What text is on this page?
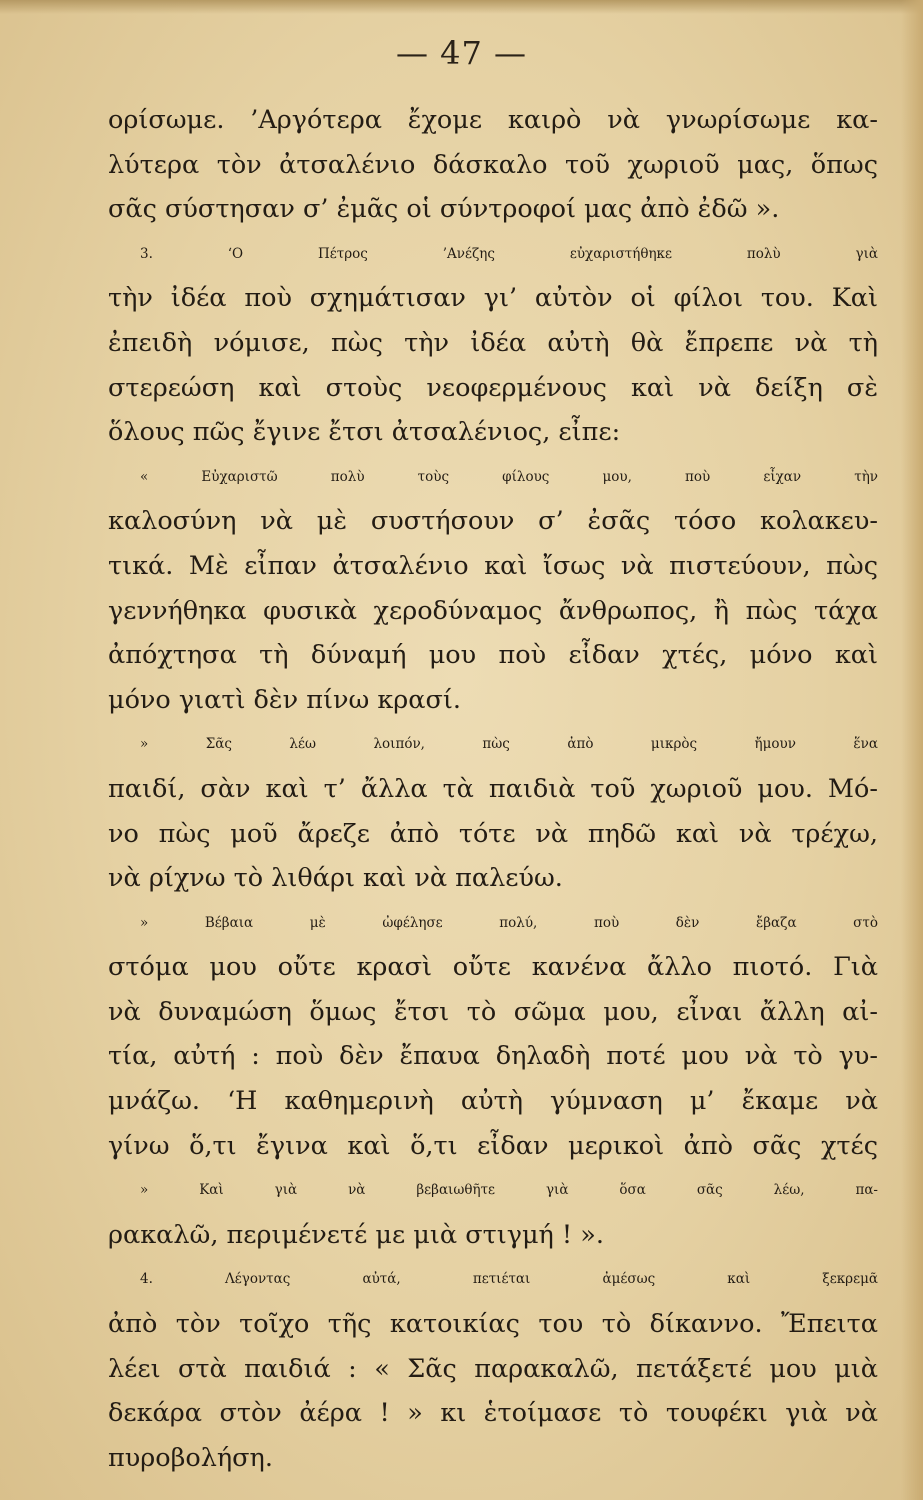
— 47 —
ορίσωμε. ’Αργότερα ἔχομε καιρὸ νὰ γνωρίσωμε κα-
λύτερα τὸν ἀτσαλένιο δάσκαλο τοῦ χωριοῦ μας, ὅπως
σᾶς σύστησαν σ’ ἐμᾶς οἱ σύντροφοί μας ἀπὸ ἐδῶ ».
3. ‘Ο Πέτρος ’Ανέζης εὐχαριστήθηκε πολὺ γιὰ
τὴν ἰδέα ποὺ σχημάτισαν γι’ αὐτὸν οἱ φίλοι του. Καὶ
ἐπειδὴ νόμισε, πὼς τὴν ἰδέα αὐτὴ θὰ ἔπρεπε νὰ τὴ
στερεώση καὶ στοὺς νεοφερμένους καὶ νὰ δείξη σὲ
ὅλους πῶς ἔγινε ἔτσι ἀτσαλένιος, εἶπε:
« Εὐχαριστῶ πολὺ τοὺς φίλους μου, ποὺ εἶχαν τὴν
καλοσύνη νὰ μὲ συστήσουν σ’ ἐσᾶς τόσο κολακευ-
τικά. Μὲ εἶπαν ἀτσαλένιο καὶ ἴσως νὰ πιστεύουν, πὼς
γεννήθηκα φυσικὰ χεροδύναμος ἄνθρωπος, ἢ πὼς τάχα
ἀπόχτησα τὴ δύναμή μου ποὺ εἶδαν χτές, μόνο καὶ
μόνο γιατὶ δὲν πίνω κρασί.
» Σᾶς λέω λοιπόν, πὼς ἀπὸ μικρὸς ἤμουν ἕνα
παιδί, σὰν καὶ τ’ ἄλλα τὰ παιδιὰ τοῦ χωριοῦ μου. Μό-
νο πὼς μοῦ ἄρεζε ἀπὸ τότε νὰ πηδῶ καὶ νὰ τρέχω,
νὰ ρίχνω τὸ λιθάρι καὶ νὰ παλεύω.
» Βέβαια μὲ ὠφέλησε πολύ, ποὺ δὲν ἔβαζα στὸ
στόμα μου οὔτε κρασὶ οὔτε κανένα ἄλλο πιοτό. Γιὰ
νὰ δυναμώση ὅμως ἔτσι τὸ σῶμα μου, εἶναι ἄλλη αἰ-
τία, αὐτή : ποὺ δὲν ἔπαυα δηλαδὴ ποτέ μου νὰ τὸ γυ-
μνάζω. ‘Η καθημερινὴ αὐτὴ γύμναση μ’ ἔκαμε νὰ
γίνω ὅ,τι ἔγινα καὶ ὅ,τι εἶδαν μερικοὶ ἀπὸ σᾶς χτές
» Καὶ γιὰ νὰ βεβαιωθῆτε γιὰ ὅσα σᾶς λέω, πα-
ρακαλῶ, περιμένετέ με μιὰ στιγμή ! ».
4. Λέγοντας αὐτά, πετιέται ἀμέσως καὶ ξεκρεμᾶ
ἀπὸ τὸν τοῖχο τῆς κατοικίας του τὸ δίκαννο. Ἔπειτα
λέει στὰ παιδιά : « Σᾶς παρακαλῶ, πετάξετέ μου μιὰ
δεκάρα στὸν ἀέρα ! » κι ἑτοίμασε τὸ τουφέκι γιὰ νὰ
πυροβολήση.
